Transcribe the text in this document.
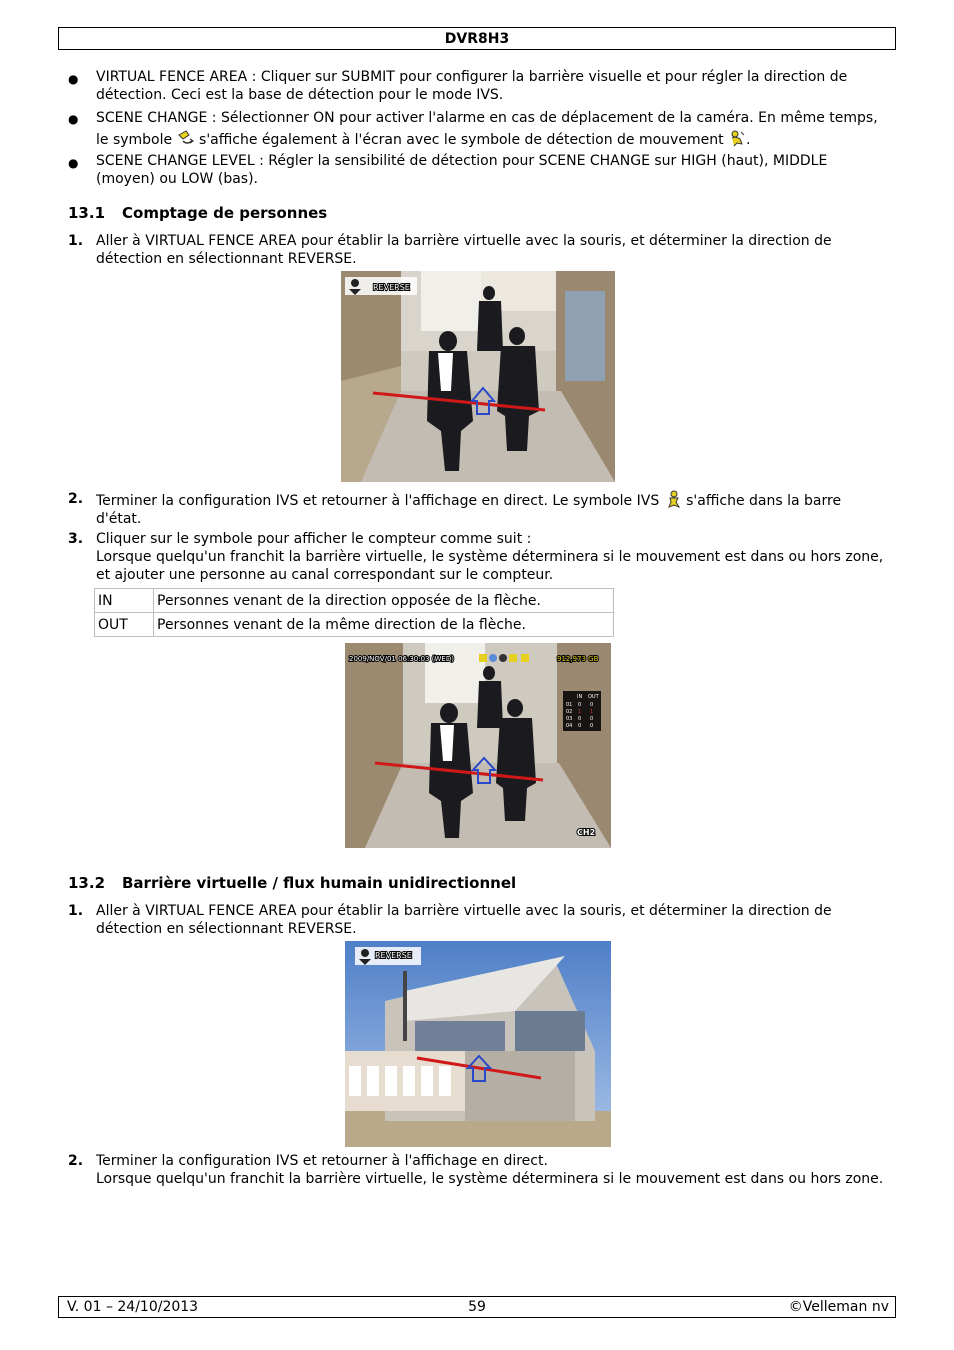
DVR8H3
● VIRTUAL FENCE AREA : Cliquer sur SUBMIT pour configurer la barrière visuelle et pour régler la direction de détection. Ceci est la base de détection pour le mode IVS.
● SCENE CHANGE : Sélectionner ON pour activer l'alarme en cas de déplacement de la caméra. En même temps, le symbole s'affiche également à l'écran avec le symbole de détection de mouvement .
● SCENE CHANGE LEVEL : Régler la sensibilité de détection pour SCENE CHANGE sur HIGH (haut), MIDDLE (moyen) ou LOW (bas).
13.1 Comptage de personnes
1. Aller à VIRTUAL FENCE AREA pour établir la barrière virtuelle avec la souris, et déterminer la direction de détection en sélectionnant REVERSE.
REVERSE
2. Terminer la configuration IVS et retourner à l'affichage en direct. Le symbole IVS s'affiche dans la barre d'état.
3. Cliquer sur le symbole pour afficher le compteur comme suit :
Lorsque quelqu'un franchit la barrière virtuelle, le système déterminera si le mouvement est dans ou hors zone, et ajouter une personne au canal correspondant sur le compteur.
IN	Personnes venant de la direction opposée de la flèche.
OUT	Personnes venant de la même direction de la flèche.
2009/NOV/01 06:30:03 (WED)	912,973 GB
IN OUT
01 0 0
02 1 1
03 0 0
04 0 0
CH2
13.2 Barrière virtuelle / flux humain unidirectionnel
1. Aller à VIRTUAL FENCE AREA pour établir la barrière virtuelle avec la souris, et déterminer la direction de détection en sélectionnant REVERSE.
REVERSE
2. Terminer la configuration IVS et retourner à l'affichage en direct.
Lorsque quelqu'un franchit la barrière virtuelle, le système déterminera si le mouvement est dans ou hors zone.
V. 01 – 24/10/2013	59	©Velleman nv
